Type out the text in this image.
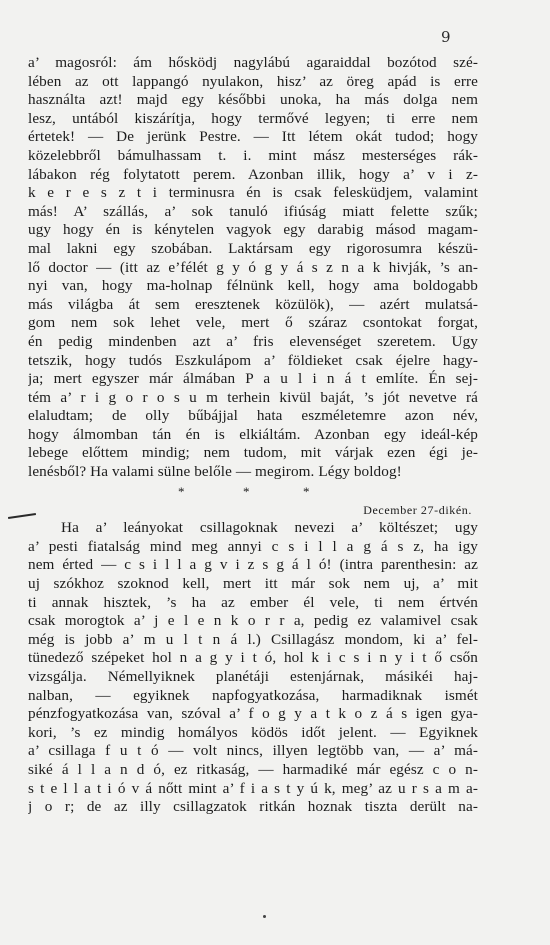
9
a’ magosról: ám hősködj nagylábú agaraiddal bozótod szé-
lében az ott lappangó nyulakon, hisz’ az öreg apád is erre
használta azt! majd egy későbbi unoka, ha más dolga nem
lesz, untából kiszárítja, hogy termővé legyen; ti erre nem
értetek! — De jerünk Pestre. — Itt létem okát tudod; hogy
közelebbről bámulhassam t. i. mint mász mesterséges rák-
lábakon rég folytatott perem. Azonban illik, hogy a’ v i z-
k e r e s z t i terminusra én is csak felesküdjem, valamint
más! A’ szállás, a’ sok tanuló ifiúság miatt felette szűk;
ugy hogy én is kénytelen vagyok egy darabig másod magam-
mal lakni egy szobában. Laktársam egy rigorosumra készü-
lő doctor — (itt az e’félét g y ó g y á s z n a k hivják, ’s an-
nyi van, hogy ma-holnap félnünk kell, hogy ama boldogabb
más világba át sem eresztenek közülök), — azért mulatsá-
gom nem sok lehet vele, mert ő száraz csontokat forgat,
én pedig mindenben azt a’ fris elevenséget szeretem. Ugy
tetszik, hogy tudós Eszkulápom a’ földieket csak éjelre hagy-
ja; mert egyszer már álmában P a u l i n á t említe. Én sej-
tém a’ r i g o r o s u m terhein kivül baját, ’s jót nevetve rá
elaludtam; de olly bűbájjal hata eszméletemre azon név,
hogy álmomban tán én is elkiáltám. Azonban egy ideál-kép
lebege előttem mindig; nem tudom, mit várjak ezen égi je-
lenésből? Ha valami sülne belőle — megirom. Légy boldog!
*	*	*
December 27-dikén.
Ha a’ leányokat csillagoknak nevezi a’ költészet; ugy
a’ pesti fiatalság mind meg annyi c s i l l a g á s z, ha igy
nem érted — c s i l l a g v i z s g á l ó! (intra parenthesin: az
uj szókhoz szoknod kell, mert itt már sok nem uj, a’ mit
ti annak hisztek, ’s ha az ember él vele, ti nem értvén
csak morogtok a’ j e l e n k o r r a, pedig ez valamivel csak
még is jobb a’ m u l t n á l.) Csillagász mondom, ki a’ fel-
tünedező szépeket hol n a g y i t ó, hol k i c s i n y i t ő csőn
vizsgálja. Némellyiknek planétáji estenjárnak, másikéi haj-
nalban, — egyiknek napfogyatkozása, harmadiknak ismét
pénzfogyatkozása van, szóval a’ f o g y a t k o z á s igen gya-
kori, ’s ez mindig homályos ködös időt jelent. — Egyiknek
a’ csillaga f u t ó — volt nincs, illyen legtöbb van, — a’ má-
siké á l l a n d ó, ez ritkaság, — harmadiké már egész c o n-
s t e l l a t i ó v á nőtt mint a’ f i a s t y ú k, meg’ az u r s a m a-
j o r; de az illy csillagzatok ritkán hoznak tiszta derült na-
